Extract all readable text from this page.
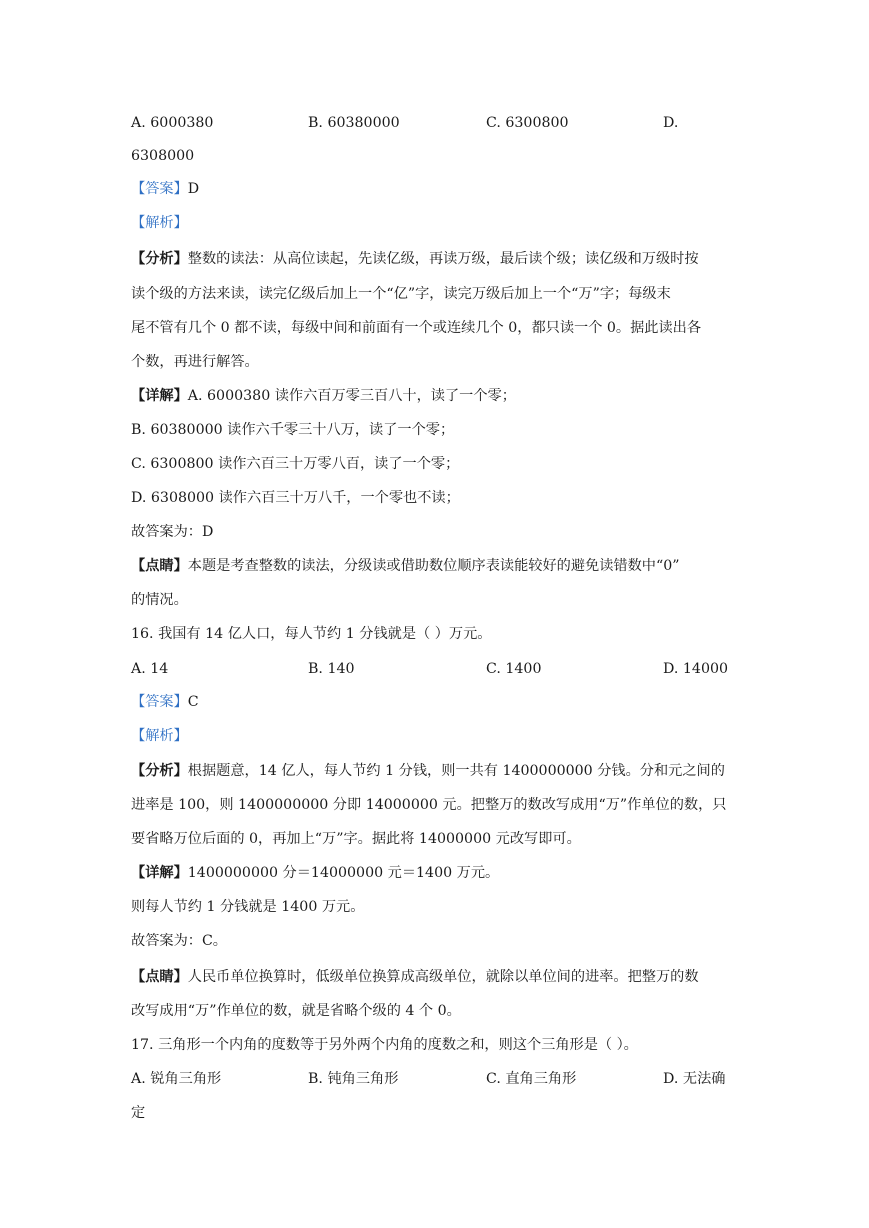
A. 6000380	B. 60380000	C. 6300800	D.
6308000
【答案】D
【解析】
【分析】整数的读法：从高位读起，先读亿级，再读万级，最后读个级；读亿级和万级时按
读个级的方法来读，读完亿级后加上一个“亿”字，读完万级后加上一个“万”字；每级末
尾不管有几个 0 都不读，每级中间和前面有一个或连续几个 0，都只读一个 0。据此读出各
个数，再进行解答。
【详解】A. 6000380 读作六百万零三百八十，读了一个零；
B. 60380000 读作六千零三十八万，读了一个零；
C. 6300800 读作六百三十万零八百，读了一个零；
D. 6308000 读作六百三十万八千，一个零也不读；
故答案为：D
【点睛】本题是考查整数的读法，分级读或借助数位顺序表读能较好的避免读错数中“0”
的情况。
16. 我国有 14 亿人口，每人节约 1 分钱就是（ ）万元。
A. 14	B. 140	C. 1400	D. 14000
【答案】C
【解析】
【分析】根据题意，14 亿人，每人节约 1 分钱，则一共有 1400000000 分钱。分和元之间的
进率是 100，则 1400000000 分即 14000000 元。把整万的数改写成用“万”作单位的数，只
要省略万位后面的 0，再加上“万”字。据此将 14000000 元改写即可。
【详解】1400000000 分＝14000000 元＝1400 万元。
则每人节约 1 分钱就是 1400 万元。
故答案为：C。
【点睛】人民币单位换算时，低级单位换算成高级单位，就除以单位间的进率。把整万的数
改写成用“万”作单位的数，就是省略个级的 4 个 0。
17. 三角形一个内角的度数等于另外两个内角的度数之和，则这个三角形是（ ）。
A. 锐角三角形	B. 钝角三角形	C. 直角三角形	D. 无法确
定
